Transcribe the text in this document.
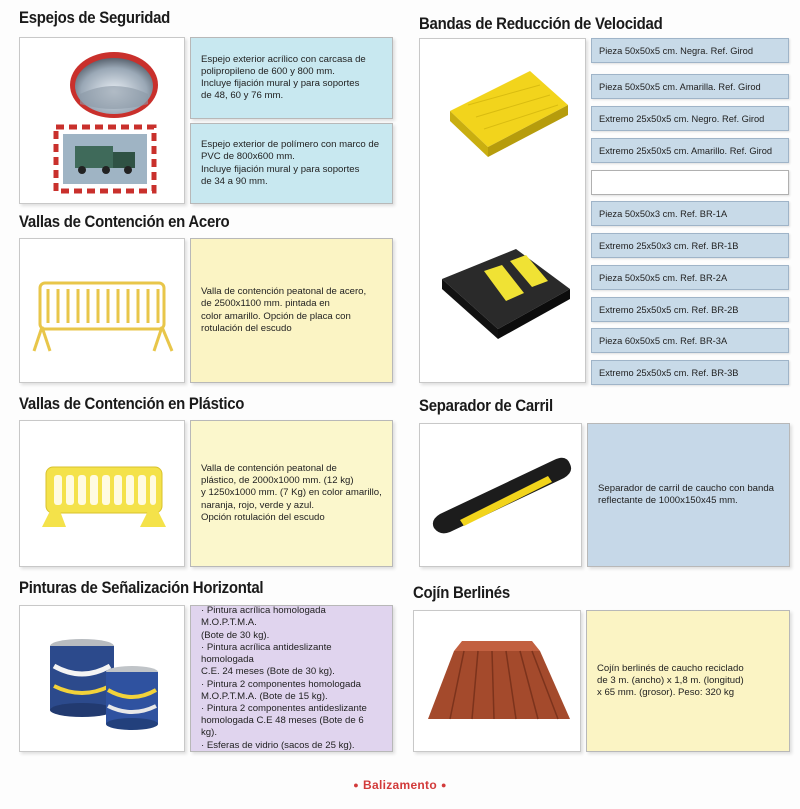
Espejos de Seguridad
Espejo exterior acrílico con carcasa de
polipropileno de 600 y 800 mm.
Incluye fijación mural y para soportes
de 48, 60 y 76 mm.
Espejo exterior de polímero con marco de
PVC de 800x600 mm.
Incluye fijación mural y para soportes
de 34 a 90 mm.
Vallas de Contención en Acero
Valla de contención peatonal de acero,
de 2500x1100 mm. pintada en
color amarillo. Opción de placa con
rotulación del escudo
Vallas de Contención en Plástico
Valla de contención peatonal de
plástico, de 2000x1000 mm. (12 kg)
y 1250x1000 mm. (7 Kg) en color amarillo,
naranja, rojo, verde y azul.
Opción rotulación del escudo
Pinturas de Señalización Horizontal
· Pintura acrílica homologada M.O.P.T.M.A.
(Bote de 30 kg).
· Pintura acrílica antideslizante homologada
C.E. 24 meses (Bote de 30 kg).
· Pintura 2 componentes homologada
M.O.P.T.M.A. (Bote de 15 kg).
· Pintura 2 componentes antideslizante
homologada C.E 48 meses (Bote de 6 kg).
· Esferas de vidrio (sacos de 25 kg).
Bandas de Reducción de Velocidad
Pieza 50x50x5 cm. Negra. Ref. Girod
Pieza 50x50x5 cm. Amarilla. Ref. Girod
Extremo 25x50x5 cm. Negro. Ref. Girod
Extremo 25x50x5 cm. Amarillo. Ref. Girod
Pieza 50x50x3 cm. Ref. BR-1A
Extremo 25x50x3 cm. Ref. BR-1B
Pieza 50x50x5 cm. Ref. BR-2A
Extremo 25x50x5 cm. Ref. BR-2B
Pieza 60x50x5 cm. Ref. BR-3A
Extremo 25x50x5 cm. Ref. BR-3B
Separador de Carril
Separador de carril de caucho con banda
reflectante de 1000x150x45 mm.
Cojín Berlinés
Cojín berlinés de caucho reciclado
de 3 m. (ancho) x 1,8 m. (longitud)
x 65 mm. (grosor). Peso: 320 kg
● Balizamento ●
